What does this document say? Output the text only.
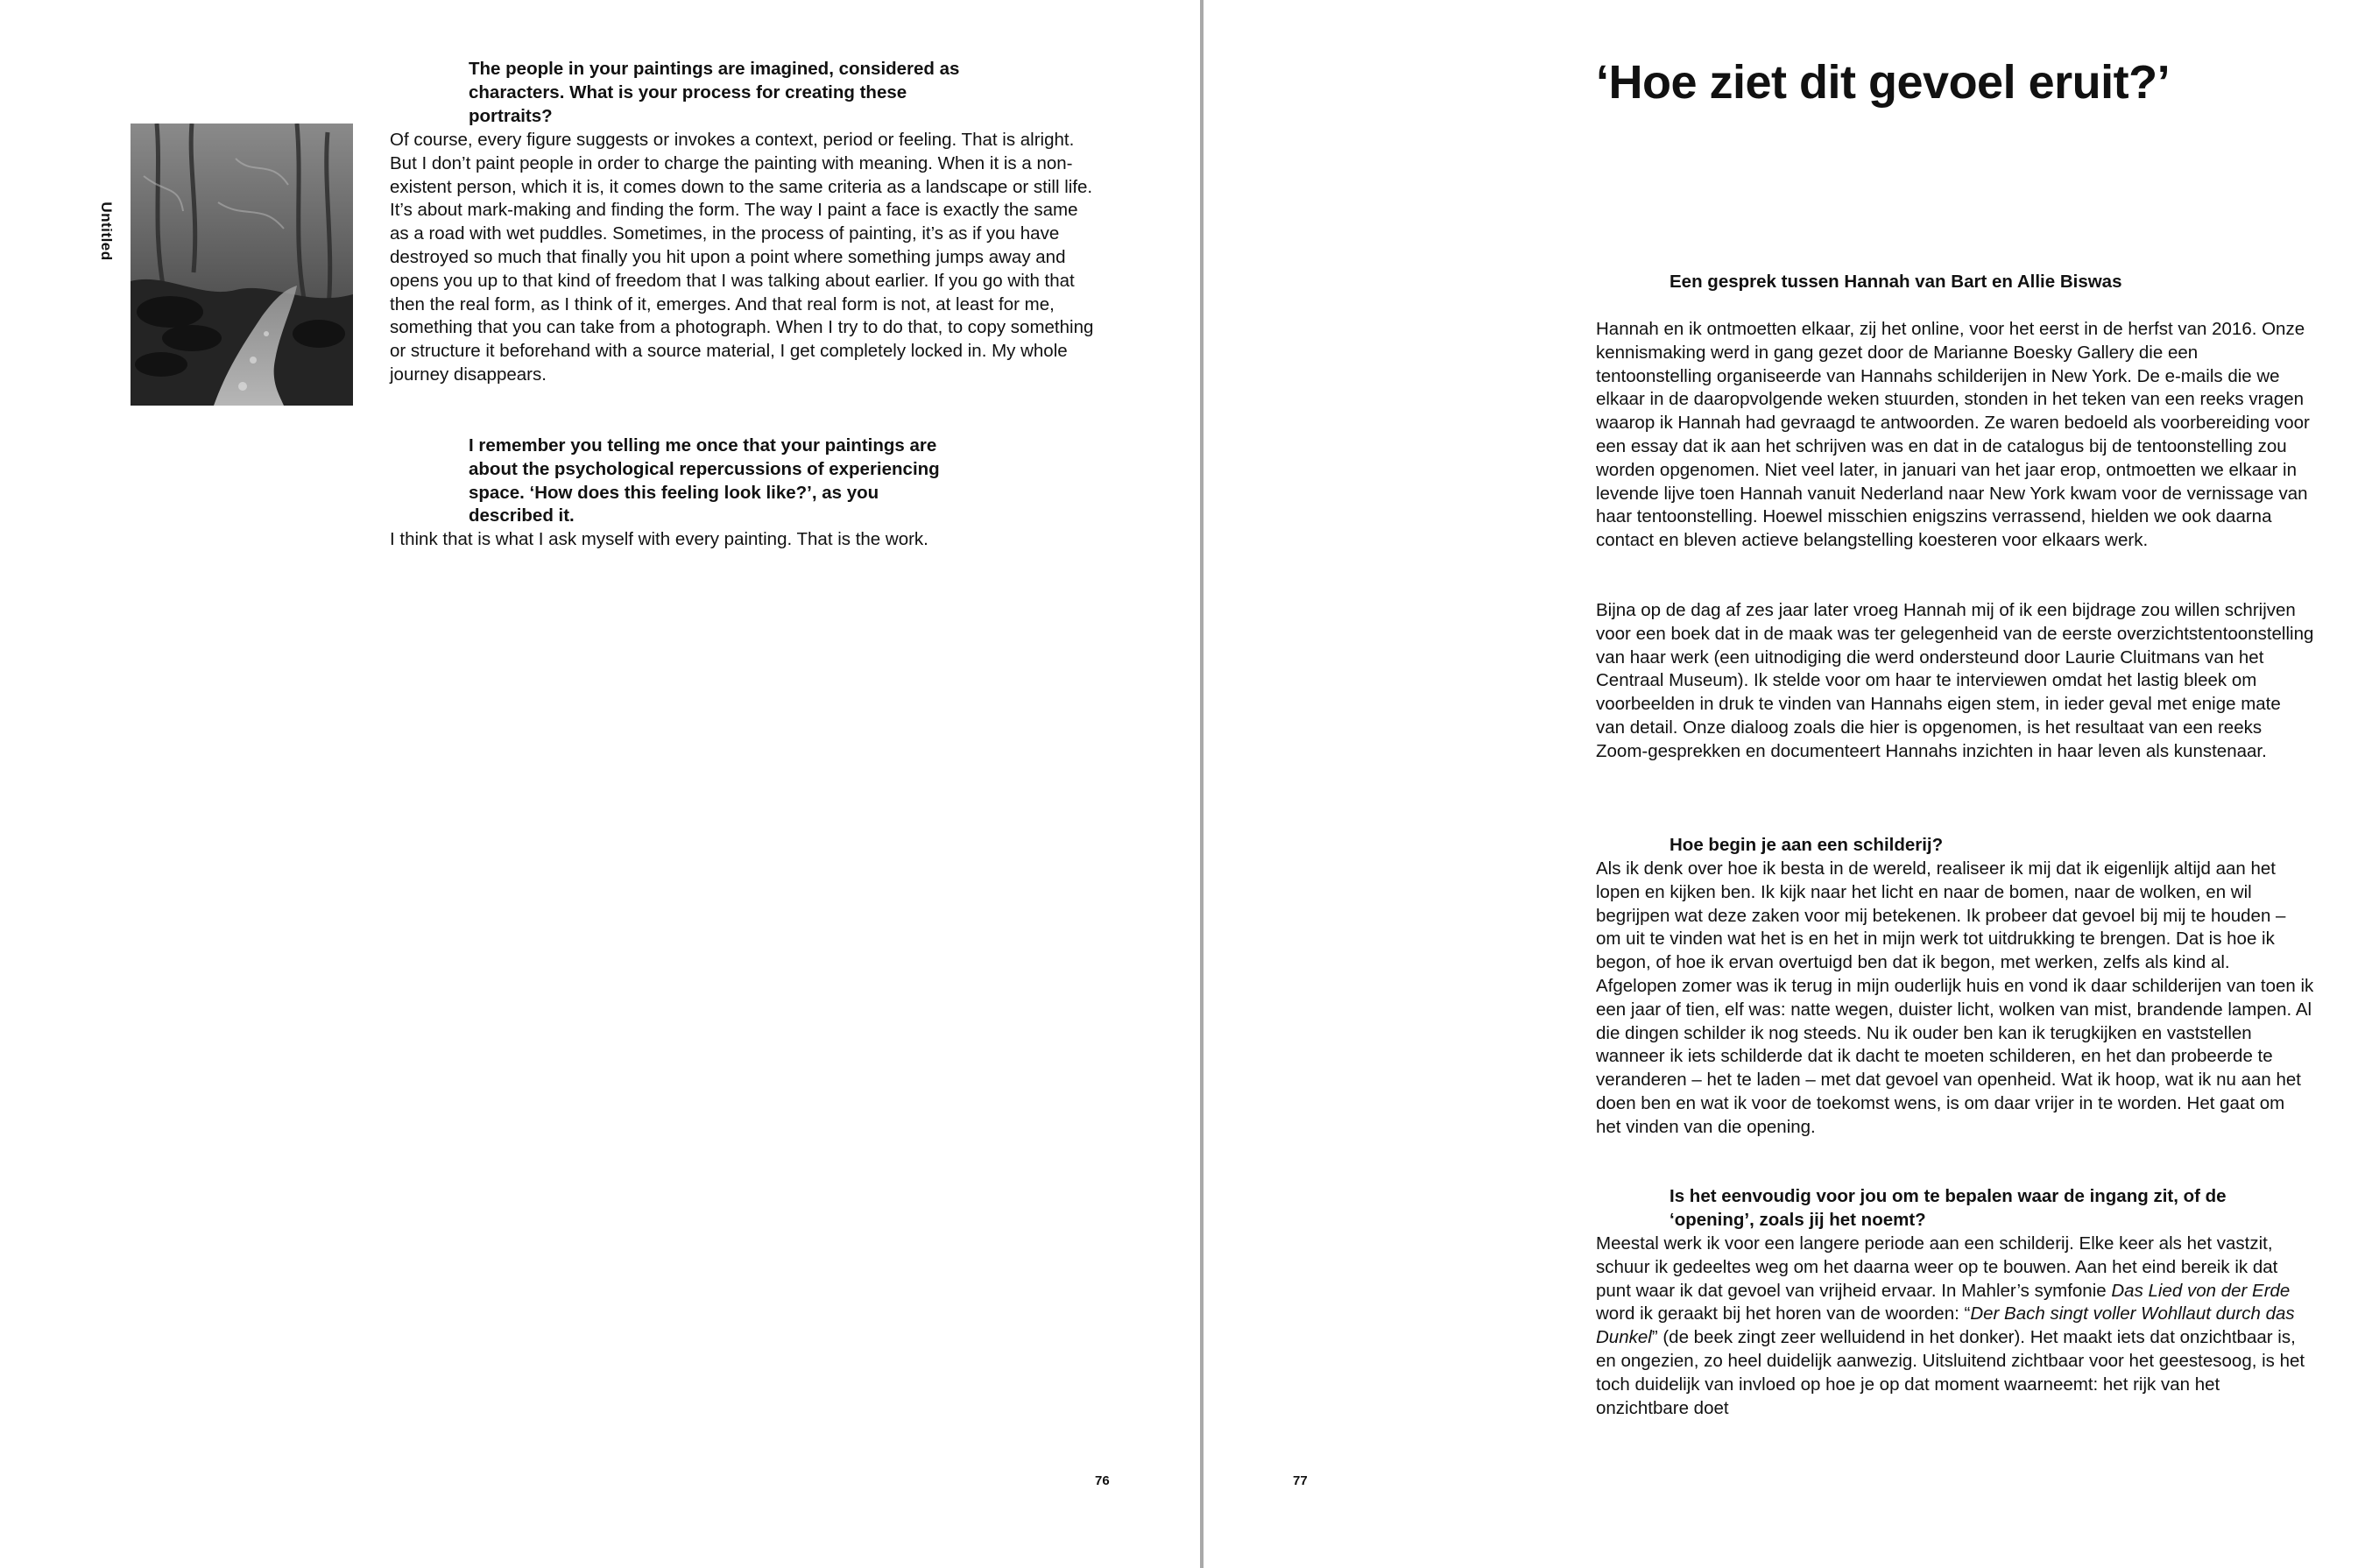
Untitled

The people in your paintings are imagined, considered as characters. What is your process for creating these portraits?

Of course, every figure suggests or invokes a context, period or feeling. That is alright. But I don’t paint people in order to charge the painting with meaning. When it is a non-existent person, which it is, it comes down to the same criteria as a landscape or still life. It’s about mark-making and finding the form. The way I paint a face is exactly the same as a road with wet puddles. Sometimes, in the process of painting, it’s as if you have destroyed so much that finally you hit upon a point where something jumps away and opens you up to that kind of freedom that I was talking about earlier. If you go with that then the real form, as I think of it, emerges. And that real form is not, at least for me, something that you can take from a photograph. When I try to do that, to copy something or structure it beforehand with a source material, I get completely locked in. My whole journey disappears.

I remember you telling me once that your paintings are about the psychological repercussions of experiencing space. ‘How does this feeling look like?’, as you described it.

I think that is what I ask myself with every painting. That is the work.

76
‘Hoe ziet dit gevoel eruit?’

Een gesprek tussen Hannah van Bart en Allie Biswas

Hannah en ik ontmoetten elkaar, zij het online, voor het eerst in de herfst van 2016. Onze kennismaking werd in gang gezet door de Marianne Boesky Gallery die een tentoonstelling organiseerde van Hannahs schilderijen in New York. De e-mails die we elkaar in de daaropvolgende weken stuurden, stonden in het teken van een reeks vragen waarop ik Hannah had gevraagd te antwoorden. Ze waren bedoeld als voorbereiding voor een essay dat ik aan het schrijven was en dat in de catalogus bij de tentoonstelling zou worden opgenomen. Niet veel later, in januari van het jaar erop, ontmoetten we elkaar in levende lijve toen Hannah vanuit Nederland naar New York kwam voor de vernissage van haar tentoonstelling. Hoewel misschien enigszins verrassend, hielden we ook daarna contact en bleven actieve belangstelling koesteren voor elkaars werk.

Bijna op de dag af zes jaar later vroeg Hannah mij of ik een bijdrage zou willen schrijven voor een boek dat in de maak was ter gelegenheid van de eerste overzichtstentoonstelling van haar werk (een uitnodiging die werd ondersteund door Laurie Cluitmans van het Centraal Museum). Ik stelde voor om haar te interviewen omdat het lastig bleek om voorbeelden in druk te vinden van Hannahs eigen stem, in ieder geval met enige mate van detail. Onze dialoog zoals die hier is opgenomen, is het resultaat van een reeks Zoom-gesprekken en documenteert Hannahs inzichten in haar leven als kunstenaar.

Hoe begin je aan een schilderij?

Als ik denk over hoe ik besta in de wereld, realiseer ik mij dat ik eigenlijk altijd aan het lopen en kijken ben. Ik kijk naar het licht en naar de bomen, naar de wolken, en wil begrijpen wat deze zaken voor mij betekenen. Ik probeer dat gevoel bij mij te houden – om uit te vinden wat het is en het in mijn werk tot uitdrukking te brengen. Dat is hoe ik begon, of hoe ik ervan overtuigd ben dat ik begon, met werken, zelfs als kind al. Afgelopen zomer was ik terug in mijn ouderlijk huis en vond ik daar schilderijen van toen ik een jaar of tien, elf was: natte wegen, duister licht, wolken van mist, brandende lampen. Al die dingen schilder ik nog steeds. Nu ik ouder ben kan ik terugkijken en vaststellen wanneer ik iets schilderde dat ik dacht te moeten schilderen, en het dan probeerde te veranderen – het te laden – met dat gevoel van openheid. Wat ik hoop, wat ik nu aan het doen ben en wat ik voor de toekomst wens, is om daar vrijer in te worden. Het gaat om het vinden van die opening.

Is het eenvoudig voor jou om te bepalen waar de ingang zit, of de ‘opening’, zoals jij het noemt?

Meestal werk ik voor een langere periode aan een schilderij. Elke keer als het vastzit, schuur ik gedeeltes weg om het daarna weer op te bouwen. Aan het eind bereik ik dat punt waar ik dat gevoel van vrijheid ervaar. In Mahler’s symfonie Das Lied von der Erde word ik geraakt bij het horen van de woorden: “Der Bach singt voller Wohllaut durch das Dunkel” (de beek zingt zeer welluidend in het donker). Het maakt iets dat onzichtbaar is, en ongezien, zo heel duidelijk aanwezig. Uitsluitend zichtbaar voor het geestesoog, is het toch duidelijk van invloed op hoe je op dat moment waarneemt: het rijk van het onzichtbare doet

77
